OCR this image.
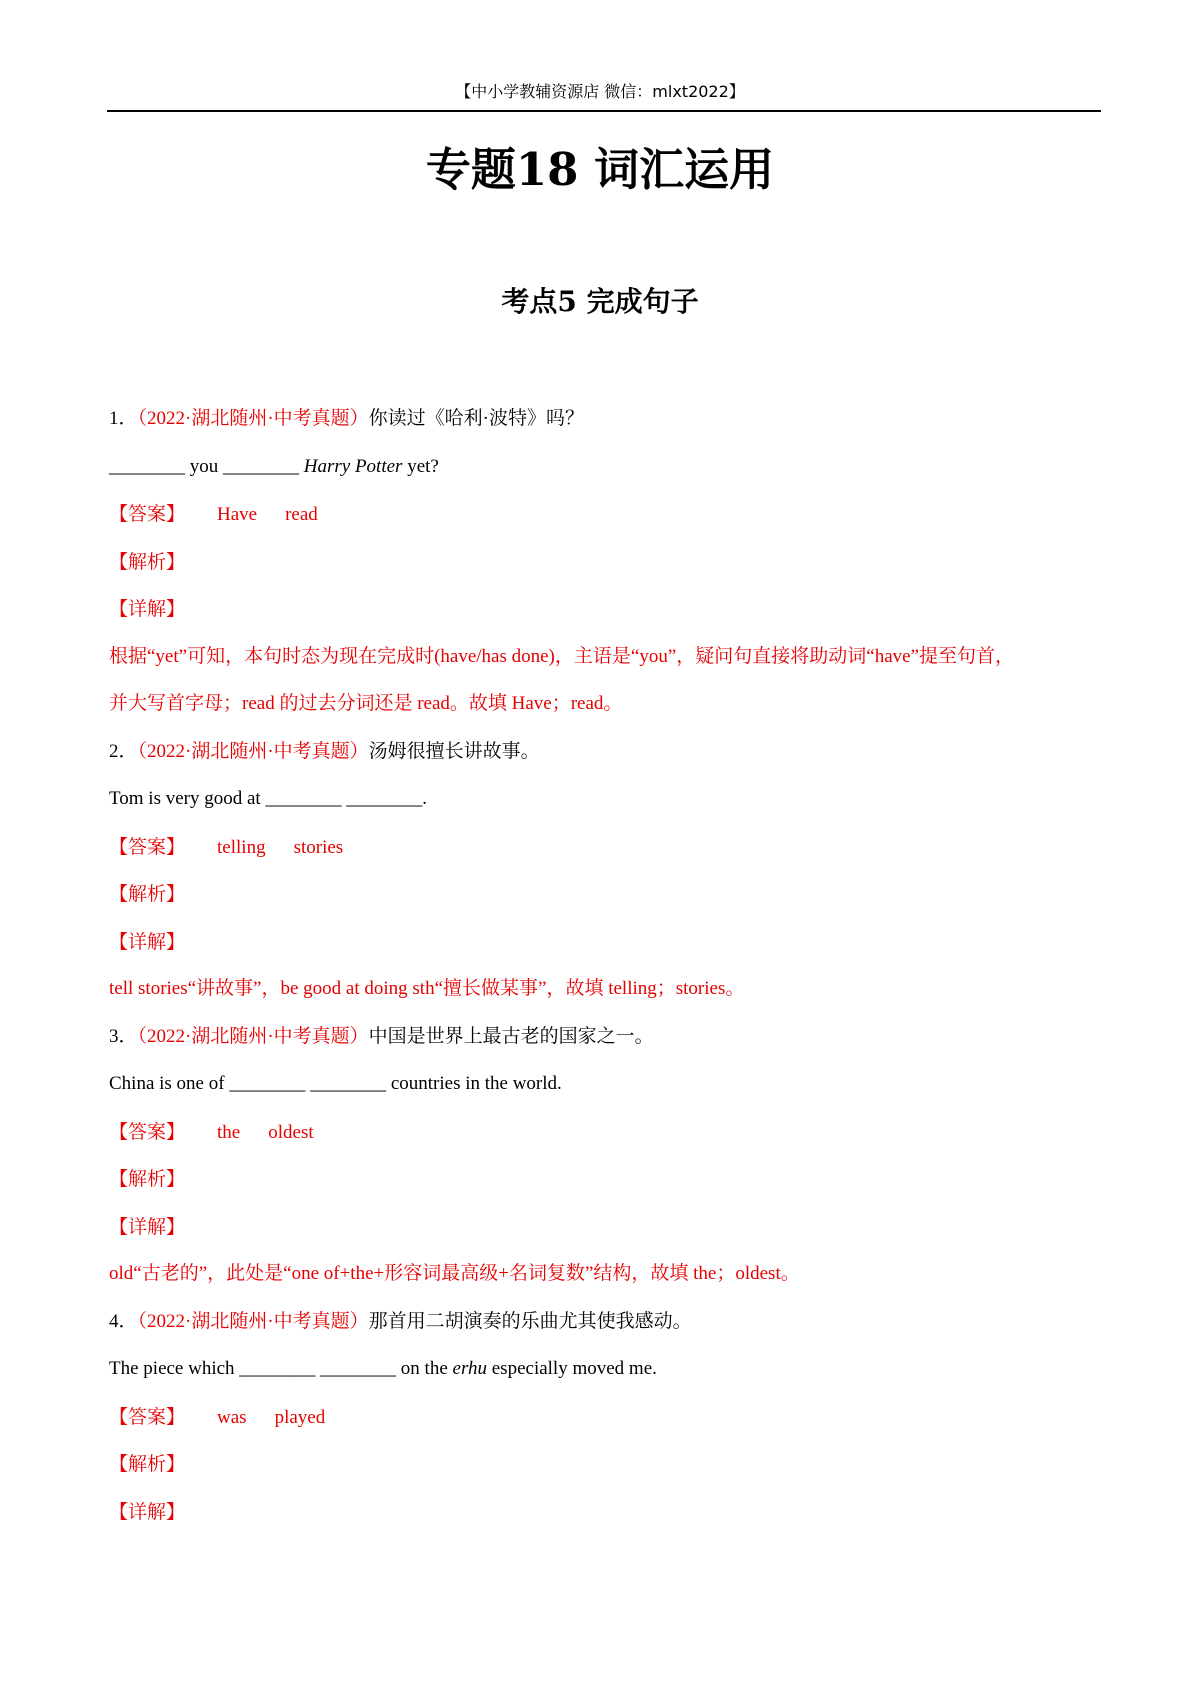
【中小学教辅资源店 微信：mlxt2022】
专题18 词汇运用
考点5 完成句子
1．（2022·湖北随州·中考真题）你读过《哈利·波特》吗？
________ you ________ Harry Potter yet?
【答案】 Have read
【解析】
【详解】
根据“yet”可知，本句时态为现在完成时(have/has done)，主语是“you”，疑问句直接将助动词“have”提至句首，
并大写首字母；read 的过去分词还是 read。故填 Have；read。
2．（2022·湖北随州·中考真题）汤姆很擅长讲故事。
Tom is very good at ________ ________.
【答案】 telling stories
【解析】
【详解】
tell stories“讲故事”，be good at doing sth“擅长做某事”，故填 telling；stories。
3．（2022·湖北随州·中考真题）中国是世界上最古老的国家之一。
China is one of ________ ________ countries in the world.
【答案】 the oldest
【解析】
【详解】
old“古老的”，此处是“one of+the+形容词最高级+名词复数”结构，故填 the；oldest。
4．（2022·湖北随州·中考真题）那首用二胡演奏的乐曲尤其使我感动。
The piece which ________ ________ on the erhu especially moved me.
【答案】 was played
【解析】
【详解】
